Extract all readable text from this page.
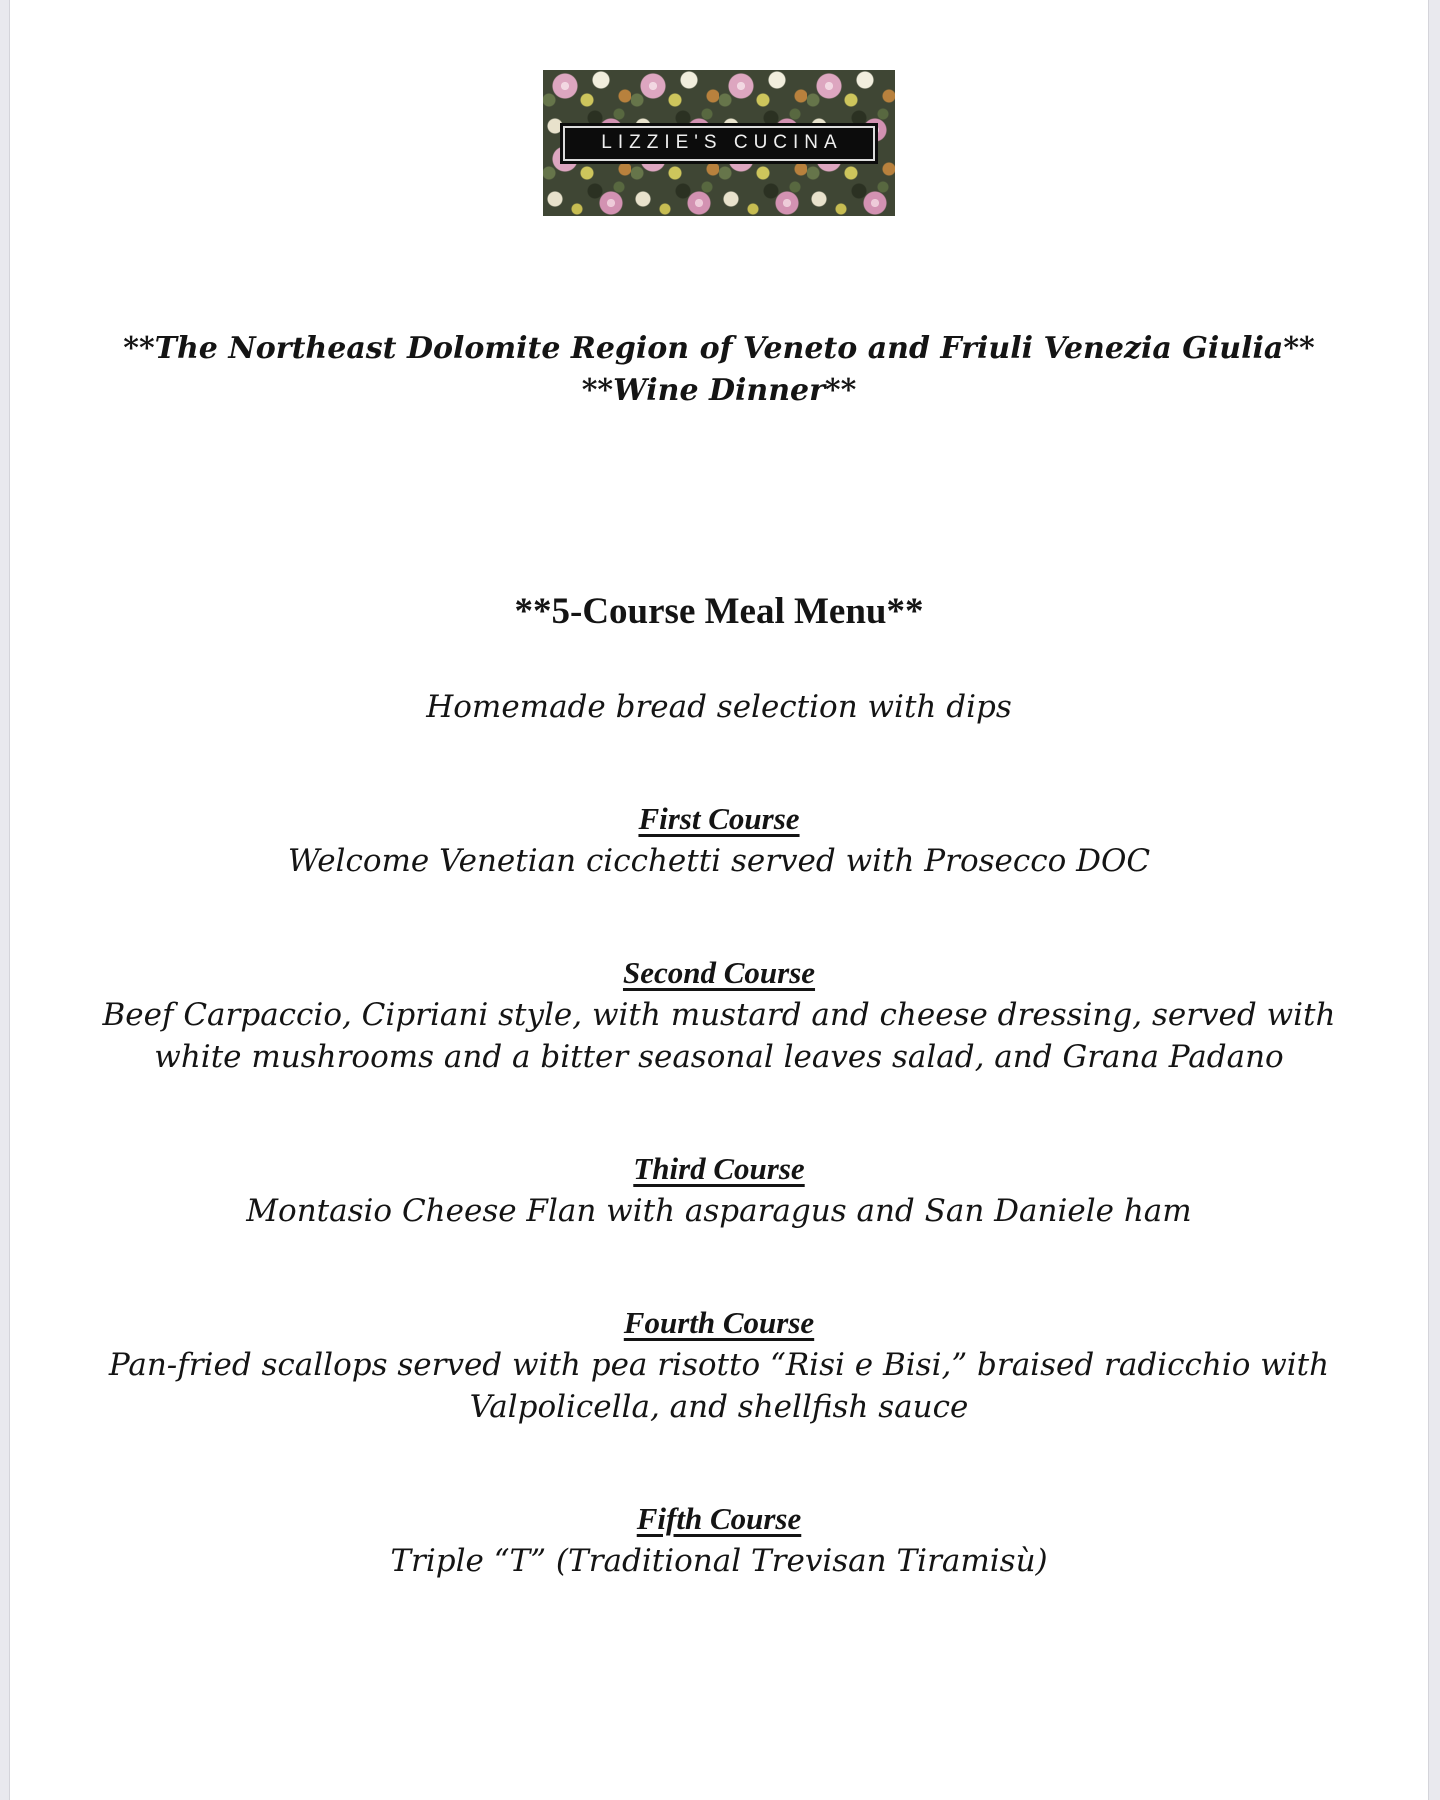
LIZZIE'S CUCINA
**The Northeast Dolomite Region of Veneto and Friuli Venezia Giulia**
**Wine Dinner**
**5-Course Meal Menu**

Homemade bread selection with dips

First Course

Welcome Venetian cicchetti served with Prosecco DOC

Second Course

Beef Carpaccio, Cipriani style, with mustard and cheese dressing, served with white mushrooms and a bitter seasonal leaves salad, and Grana Padano

Third Course

Montasio Cheese Flan with asparagus and San Daniele ham

Fourth Course

Pan-fried scallops served with pea risotto “Risi e Bisi,” braised radicchio with Valpolicella, and shellfish sauce

Fifth Course

Triple “T” (Traditional Trevisan Tiramisù)
